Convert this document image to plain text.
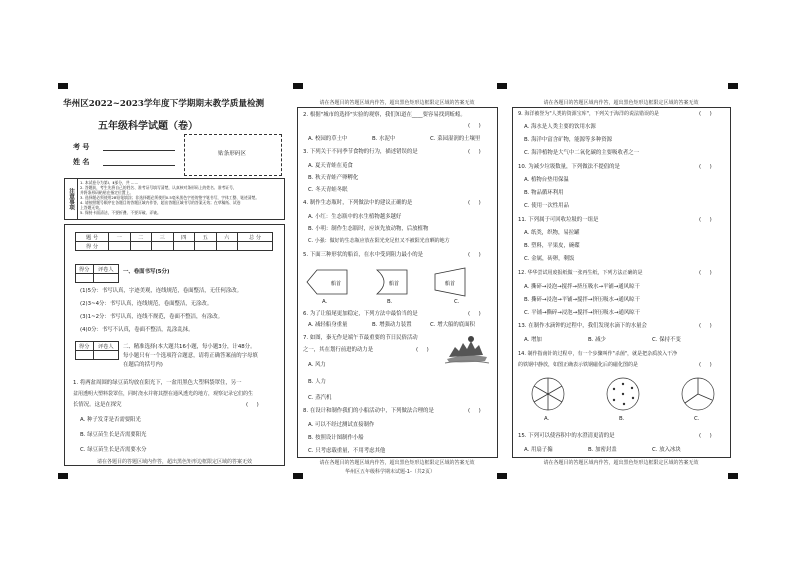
华州区2022~2023学年度下学期期末教学质量检测
五年级科学试题（卷）
考 号
姓 名
贴条形码区
注意事项
1. 本试卷分为第Ⅰ、Ⅱ部分，共 ……
2. 答题前，考生先将自己的姓名、准考证号填写清楚，认真核对条形码上的姓名、准考证号，
并将条形码粘贴在指定位置上。
3. 选择题必须使用2B铅笔填涂；非选择题必须使用0.5毫米黑色字迹的签字笔书写，字体工整、笔迹清楚。
4. 请按照题号顺序在各题目的答题区域内作答，超出答题区域书写的答案无效；在草稿纸、试卷
上答题无效。
5. 保持卡面清洁，不要折叠、不要弄破、弄皱。
题 号	一	二	三	四	五	六	总 分
得 分							
得分	评卷人
	一、卷面书写(5分)
(1)5分：书写认真，字迹美观，连线规范，卷面整洁，无任何涂改。
(2)3~4分：书写认真，连线规范，卷面整洁，无涂改。
(3)1~2分：书写认真，连线不规范，卷面不整洁，有涂改。
(4)0分：书写不认真，卷面不整洁，乱涂乱抹。
得分	评卷人
	二、精准选择(本大题共16小题，每小题3分，计48分。
每小题只有一个选项符合题意，请将正确答案前的字母填
在题后的括号内)
1. 将两盆周围的绿豆苗均放在阳光下，一盆用黑色大塑料袋罩住，另一
盆用透明大塑料袋罩住，同时浇水并将其摆在通风透光的地方，观察记录它们的生
长情况。这是在探究	(     )
A. 种子发芽是否需要阳光
B. 绿豆苗生长是否需要阳光
C. 绿豆苗生长是否需要水分
请在各题目的答题区域内作答，超出黑色矩形边框限定区域的答案无效
请在各题目的答题区域内作答，超出黑色矩形边框限定区域的答案无效
2. 根据"城市的选择"实验的观察，我们知道在____要容易找到蚯蚓。
(     )
A. 校园的草土中	B. 水泥中	C. 菜园湿润的土壤里
3. 下列关于不同季节食物的行为，描述错误的是	(     )
A. 夏天青蛙在觅食
B. 秋天青蛙产卵孵化
C. 冬天青蛙冬眠
4. 制作生态瓶时，下列做法中的建议正确的是	(     )
A. 小红：生态瓶中的水生植物越多越好
B. 小明：制作生态瓶时，应该先放动物，后放植物
C. 小强：做好的生态瓶应放在阳光充足但又不被阳光直晒的地方
5. 下面三种形状的船首，在水中受到阻力最小的是	(     )
船首	船首	船首
A.	B.	C.
6. 为了让船尾更加稳定，下列方法中最恰当的是	(     )
A. 减轻船身重量	B. 增强动力装置	C. 增大船的底面积
7. 如图，秦无作是端午节最重要的节日民俗活动
之一，其在划行前进的动力是	(     )
A. 风力
B. 人力
C. 蒸汽机
8. 在设计和制作我们的小船活动中，下列做法合理的是	(     )
A. 可以不经过测试直接制作
B. 按照设计图制作小船
C. 只考虑载重量，不用考虑其他
请在各题目的答题区域内作答，超出黑色矩形边框限定区域的答案无效
请在各题目的答题区域内作答，超出黑色矩形边框限定区域的答案无效
9. 海洋被誉为"人类的资源宝库"，下列关于海洋的说法错误的是	(     )
A. 海水是人类主要的饮用水源
B. 海洋中富含矿物，能源等多种资源
C. 海洋植物是大气中二氧化碳的主要吸收者之一
10. 为减少垃圾数量，下列做法不提倡的是	(     )
A. 植物台垫用保温
B. 物品循环利用
C. 使用一次性用品
11. 下列属于可回收垃圾的一组是	(     )
A. 纸类，织物，易拉罐
B. 塑料，平果皮，碗碟
C. 金属，砖卵，剩饭
12. 华华尝试用废报纸做一张再生纸，下列方法正确的是	(     )
A. 撕碎→浸泡→搅拌→挤压吸水→平铺→通风晾干
B. 撕碎→浸泡→平铺→搅拌→挤压吸水→通风晾干
C. 平铺→撕碎→浸泡→搅拌→挤压吸水→通风晾干
13. 在制作水滴钟的过程中，我们发现水滴下的水量会	(     )
A. 增加	B. 减少	C. 保持不变
14. 制作指南针的过程中，有一个步骤叫作"杀菌"，就是把杂质放入干净
的铁钢中静放，如图正确表示铁钢磁化后的磁化图的是	(     )
A.	B.	C.
15. 下列可以使容积中的水澄清更清的是	(     )
A. 用扇子搧	B. 加密封盖	C. 放入冰块
请在各题目的答题区域内作答，超出黑色矩形边框限定区域的答案无效
华州区五年级科学期末试题-1-（共2页）
